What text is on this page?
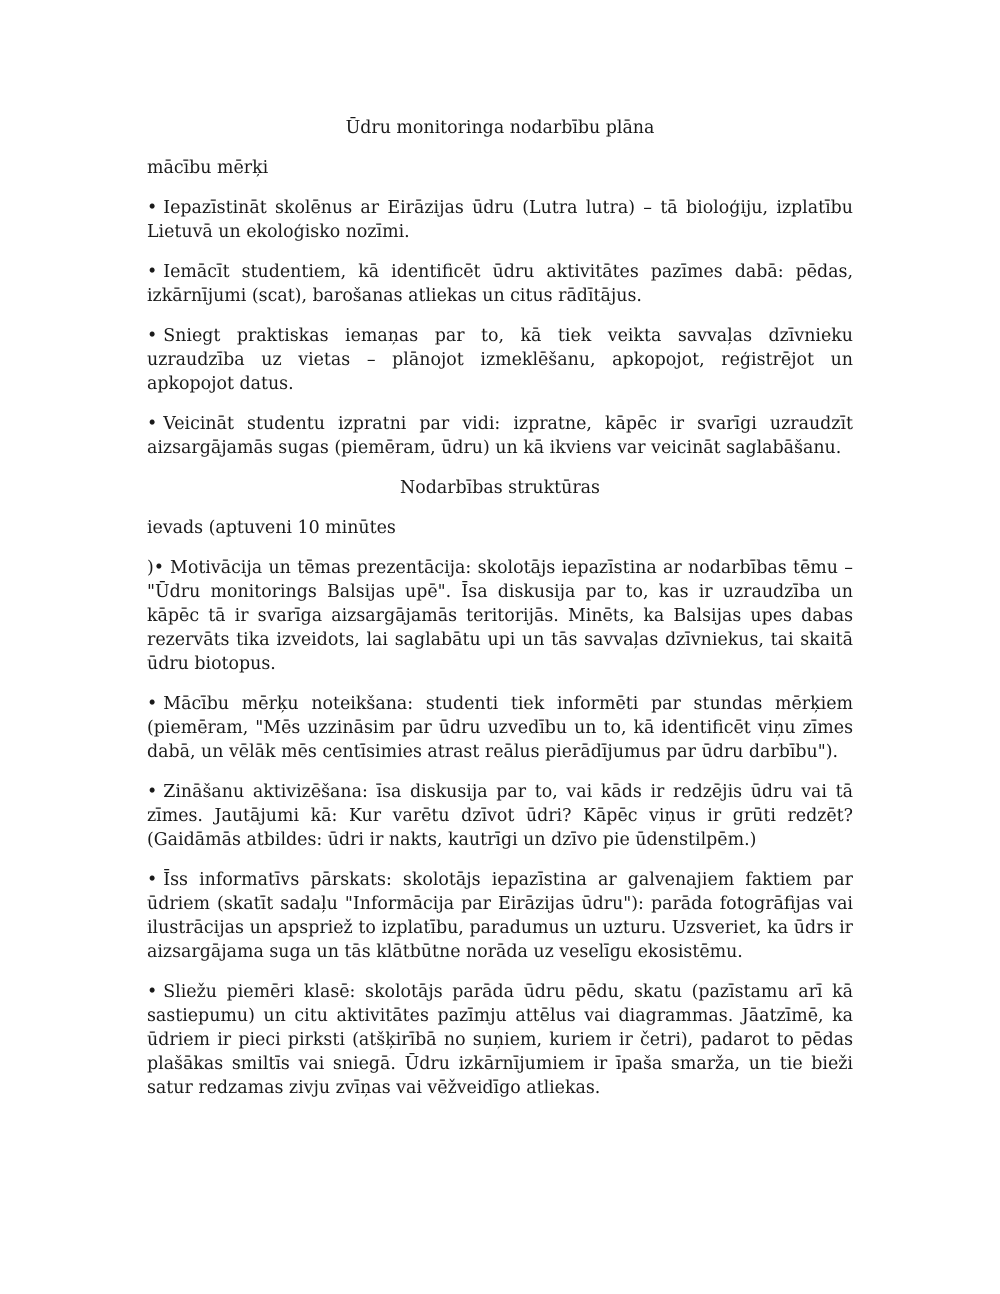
Ūdru monitoringa nodarbību plāna

mācību mērķi

• Iepazīstināt skolēnus ar Eirāzijas ūdru (Lutra lutra) – tā bioloģiju, izplatību Lietuvā un ekoloģisko nozīmi.

• Iemācīt studentiem, kā identificēt ūdru aktivitātes pazīmes dabā: pēdas, izkārnījumi (scat), barošanas atliekas un citus rādītājus.

• Sniegt praktiskas iemaņas par to, kā tiek veikta savvaļas dzīvnieku uzraudzība uz vietas – plānojot izmeklēšanu, apkopojot, reģistrējot un apkopojot datus.

• Veicināt studentu izpratni par vidi: izpratne, kāpēc ir svarīgi uzraudzīt aizsargājamās sugas (piemēram, ūdru) un kā ikviens var veicināt saglabāšanu.

Nodarbības struktūras

ievads (aptuveni 10 minūtes

)• Motivācija un tēmas prezentācija: skolotājs iepazīstina ar nodarbības tēmu – "Ūdru monitorings Balsijas upē". Īsa diskusija par to, kas ir uzraudzība un kāpēc tā ir svarīga aizsargājamās teritorijās. Minēts, ka Balsijas upes dabas rezervāts tika izveidots, lai saglabātu upi un tās savvaļas dzīvniekus, tai skaitā ūdru biotopus.

• Mācību mērķu noteikšana: studenti tiek informēti par stundas mērķiem (piemēram, "Mēs uzzināsim par ūdru uzvedību un to, kā identificēt viņu zīmes dabā, un vēlāk mēs centīsimies atrast reālus pierādījumus par ūdru darbību").

• Zināšanu aktivizēšana: īsa diskusija par to, vai kāds ir redzējis ūdru vai tā zīmes. Jautājumi kā: Kur varētu dzīvot ūdri? Kāpēc viņus ir grūti redzēt? (Gaidāmās atbildes: ūdri ir nakts, kautrīgi un dzīvo pie ūdenstilpēm.)

• Īss informatīvs pārskats: skolotājs iepazīstina ar galvenajiem faktiem par ūdriem (skatīt sadaļu "Informācija par Eirāzijas ūdru"): parāda fotogrāfijas vai ilustrācijas un apspriež to izplatību, paradumus un uzturu. Uzsveriet, ka ūdrs ir aizsargājama suga un tās klātbūtne norāda uz veselīgu ekosistēmu.

• Sliežu piemēri klasē: skolotājs parāda ūdru pēdu, skatu (pazīstamu arī kā sastiepumu) un citu aktivitātes pazīmju attēlus vai diagrammas. Jāatzīmē, ka ūdriem ir pieci pirksti (atšķirībā no suņiem, kuriem ir četri), padarot to pēdas plašākas smiltīs vai sniegā. Ūdru izkārnījumiem ir īpaša smarža, un tie bieži satur redzamas zivju zvīņas vai vēžveidīgo atliekas.
